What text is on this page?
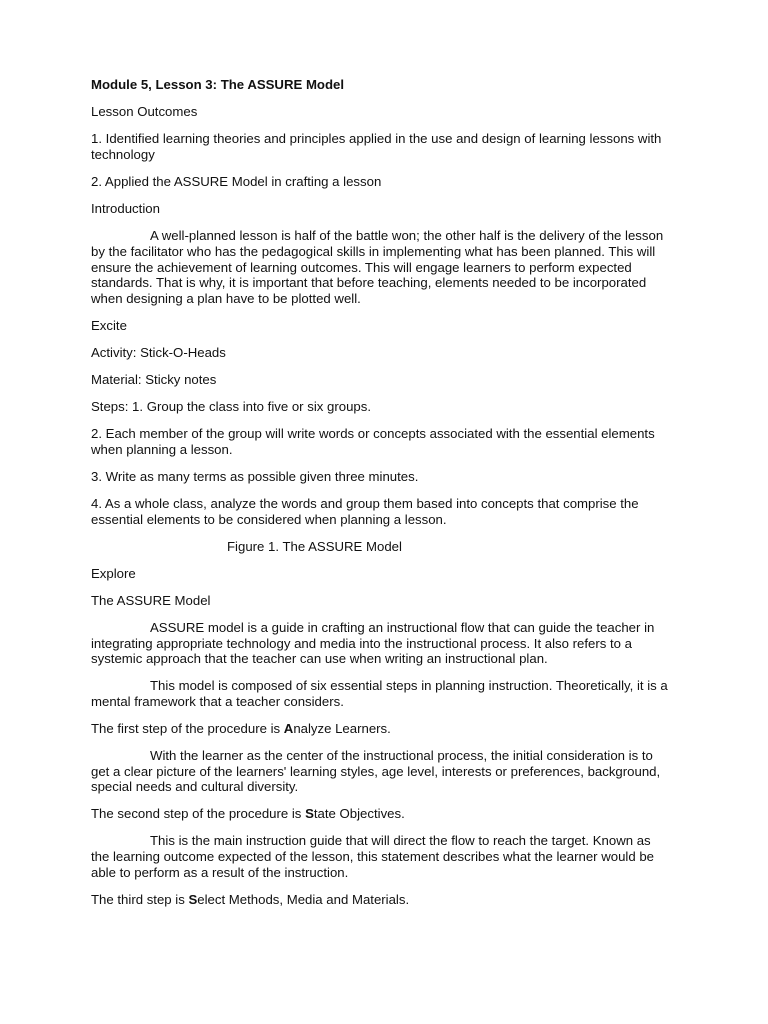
Module 5, Lesson 3: The ASSURE Model

Lesson Outcomes

1. Identified learning theories and principles applied in the use and design of learning lessons with technology

2. Applied the ASSURE Model in crafting a lesson

Introduction

A well-planned lesson is half of the battle won; the other half is the delivery of the lesson by the facilitator who has the pedagogical skills in implementing what has been planned. This will ensure the achievement of learning outcomes. This will engage learners to perform expected standards. That is why, it is important that before teaching, elements needed to be incorporated when designing a plan have to be plotted well.

Excite

Activity: Stick-O-Heads

Material: Sticky notes

Steps: 1. Group the class into five or six groups.

2. Each member of the group will write words or concepts associated with the essential elements when planning a lesson.

3. Write as many terms as possible given three minutes.

4. As a whole class, analyze the words and group them based into concepts that comprise the essential elements to be considered when planning a lesson.

Figure 1. The ASSURE Model

Explore

The ASSURE Model

ASSURE model is a guide in crafting an instructional flow that can guide the teacher in integrating appropriate technology and media into the instructional process. It also refers to a systemic approach that the teacher can use when writing an instructional plan.

This model is composed of six essential steps in planning instruction. Theoretically, it is a mental framework that a teacher considers.

The first step of the procedure is Analyze Learners.

With the learner as the center of the instructional process, the initial consideration is to get a clear picture of the learners' learning styles, age level, interests or preferences, background, special needs and cultural diversity.

The second step of the procedure is State Objectives.

This is the main instruction guide that will direct the flow to reach the target. Known as the learning outcome expected of the lesson, this statement describes what the learner would be able to perform as a result of the instruction.

The third step is Select Methods, Media and Materials.
